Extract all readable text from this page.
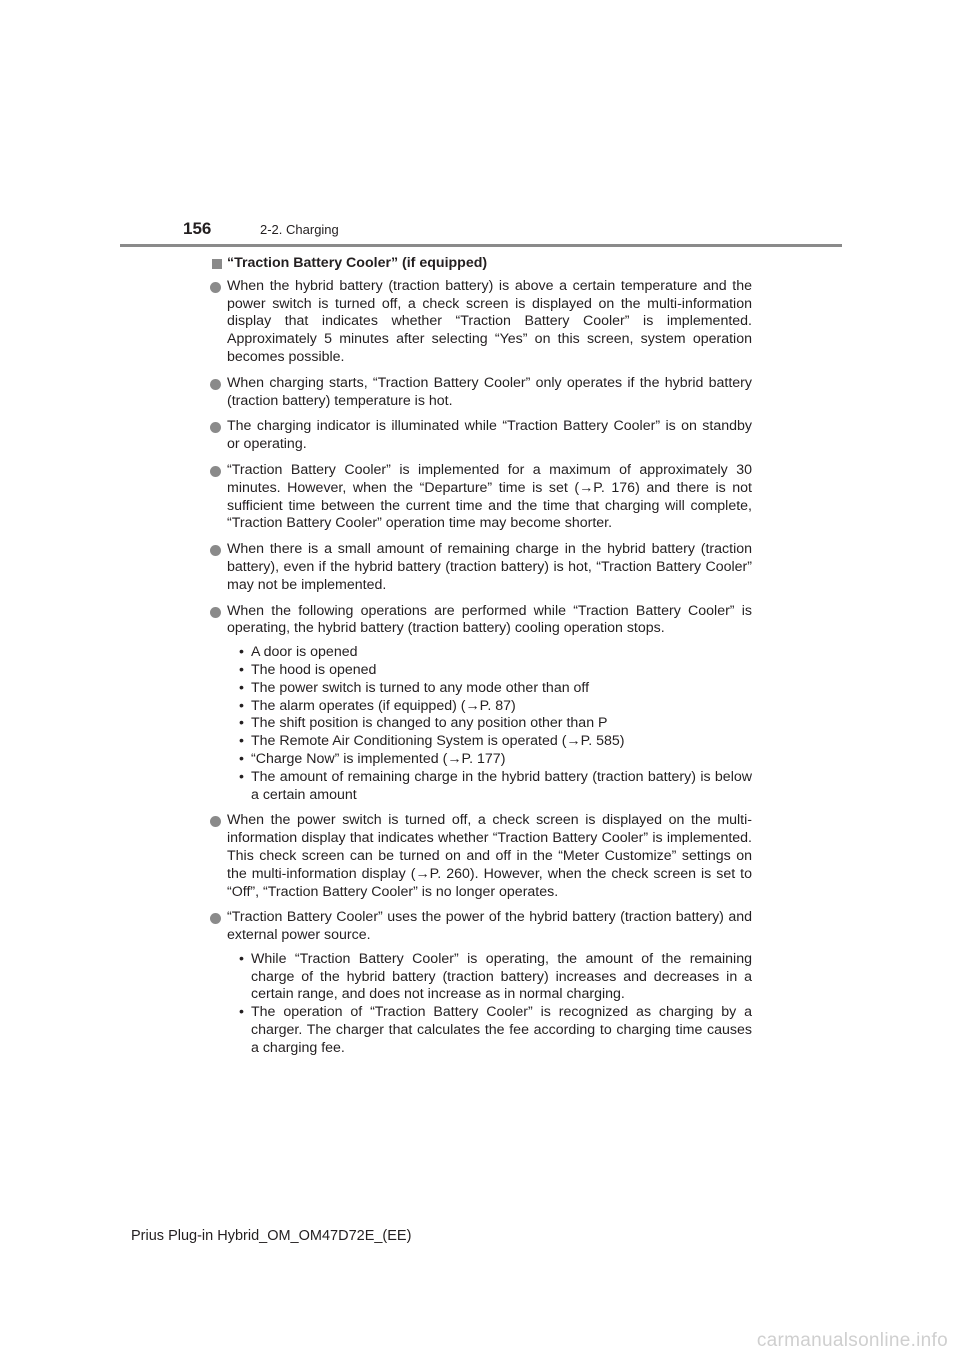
156	2-2. Charging
“Traction Battery Cooler” (if equipped)
When the hybrid battery (traction battery) is above a certain temperature and the power switch is turned off, a check screen is displayed on the multi-information display that indicates whether “Traction Battery Cooler” is implemented. Approximately 5 minutes after selecting “Yes” on this screen, system operation becomes possible.
When charging starts, “Traction Battery Cooler” only operates if the hybrid battery (traction battery) temperature is hot.
The charging indicator is illuminated while “Traction Battery Cooler” is on standby or operating.
“Traction Battery Cooler” is implemented for a maximum of approximately 30 minutes. However, when the “Departure” time is set (→P. 176) and there is not sufficient time between the current time and the time that charging will complete, “Traction Battery Cooler” operation time may become shorter.
When there is a small amount of remaining charge in the hybrid battery (traction battery), even if the hybrid battery (traction battery) is hot, “Traction Battery Cooler” may not be implemented.
When the following operations are performed while “Traction Battery Cooler” is operating, the hybrid battery (traction battery) cooling operation stops.
• A door is opened
• The hood is opened
• The power switch is turned to any mode other than off
• The alarm operates (if equipped) (→P. 87)
• The shift position is changed to any position other than P
• The Remote Air Conditioning System is operated (→P. 585)
• “Charge Now” is implemented (→P. 177)
• The amount of remaining charge in the hybrid battery (traction battery) is below a certain amount
When the power switch is turned off, a check screen is displayed on the multi-information display that indicates whether “Traction Battery Cooler” is implemented. This check screen can be turned on and off in the “Meter Customize” settings on the multi-information display (→P. 260). However, when the check screen is set to “Off”, “Traction Battery Cooler” is no longer operates.
“Traction Battery Cooler” uses the power of the hybrid battery (traction battery) and external power source.
• While “Traction Battery Cooler” is operating, the amount of the remaining charge of the hybrid battery (traction battery) increases and decreases in a certain range, and does not increase as in normal charging.
• The operation of “Traction Battery Cooler” is recognized as charging by a charger. The charger that calculates the fee according to charging time causes a charging fee.
Prius Plug-in Hybrid_OM_OM47D72E_(EE)
carmanualsonline.info
